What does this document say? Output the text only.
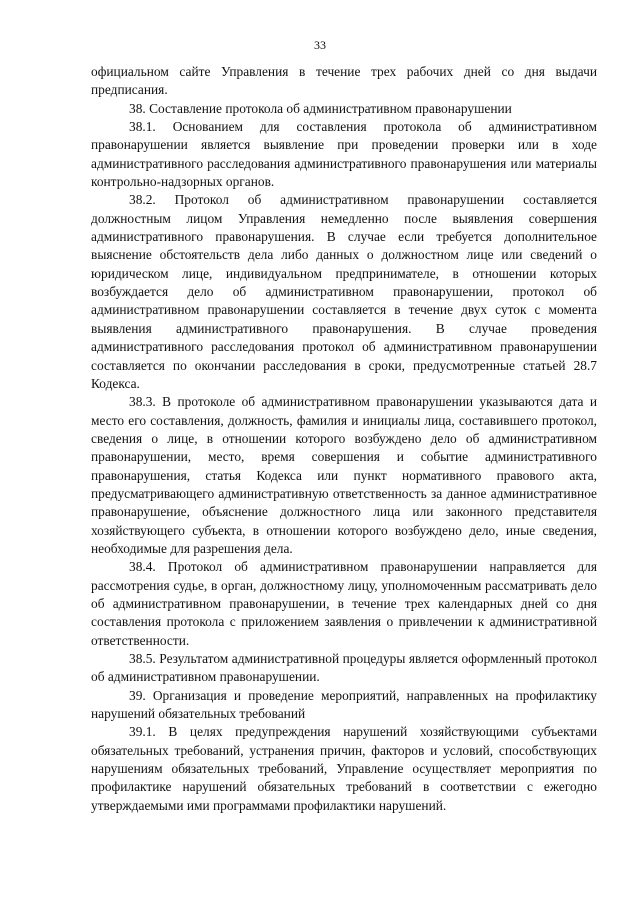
33

официальном сайте Управления в течение трех рабочих дней со дня выдачи предписания.

38. Составление протокола об административном правонарушении

38.1. Основанием для составления протокола об административном правонарушении является выявление при проведении проверки или в ходе административного расследования административного правонарушения или материалы контрольно-надзорных органов.

38.2. Протокол об административном правонарушении составляется должностным лицом Управления немедленно после выявления совершения административного правонарушения. В случае если требуется дополнительное выяснение обстоятельств дела либо данных о должностном лице или сведений о юридическом лице, индивидуальном предпринимателе, в отношении которых возбуждается дело об административном правонарушении, протокол об административном правонарушении составляется в течение двух суток с момента выявления административного правонарушения. В случае проведения административного расследования протокол об административном правонарушении составляется по окончании расследования в сроки, предусмотренные статьей 28.7 Кодекса.

38.3. В протоколе об административном правонарушении указываются дата и место его составления, должность, фамилия и инициалы лица, составившего протокол, сведения о лице, в отношении которого возбуждено дело об административном правонарушении, место, время совершения и событие административного правонарушения, статья Кодекса или пункт нормативного правового акта, предусматривающего административную ответственность за данное административное правонарушение, объяснение должностного лица или законного представителя хозяйствующего субъекта, в отношении которого возбуждено дело, иные сведения, необходимые для разрешения дела.

38.4. Протокол об административном правонарушении направляется для рассмотрения судье, в орган, должностному лицу, уполномоченным рассматривать дело об административном правонарушении, в течение трех календарных дней со дня составления протокола с приложением заявления о привлечении к административной ответственности.

38.5. Результатом административной процедуры является оформленный протокол об административном правонарушении.

39. Организация и проведение мероприятий, направленных на профилактику нарушений обязательных требований

39.1. В целях предупреждения нарушений хозяйствующими субъектами обязательных требований, устранения причин, факторов и условий, способствующих нарушениям обязательных требований, Управление осуществляет мероприятия по профилактике нарушений обязательных требований в соответствии с ежегодно утверждаемыми ими программами профилактики нарушений.
